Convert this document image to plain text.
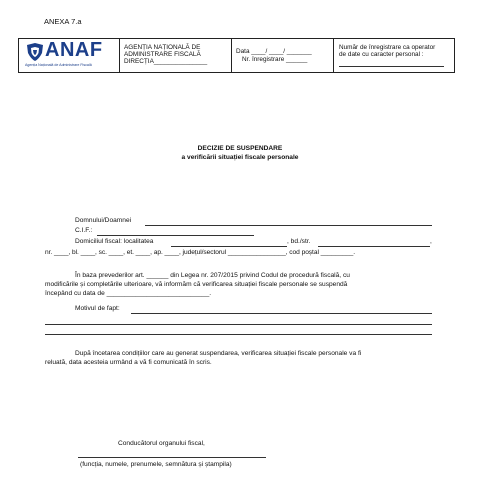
ANEXA 7.a
ANAF
Agenția Națională de Administrare Fiscală
AGENȚIA NAȚIONALĂ DE
ADMINISTRARE FISCALĂ
DIRECȚIA_______________
Data ____/ ____/ _______
Nr. înregistrare ______
Număr de înregistrare ca operator
de date cu caracter personal :
DECIZIE DE SUSPENDARE
a verificării situației fiscale personale
Domnului/Doamnei
C.I.F.:
Domiciliul fiscal: localitatea	, bd./str.	,
nr. ____, bl. ____, sc. ____, et. ____, ap. ____, județul/sectorul ________________, cod poștal _________.
În baza prevederilor art. ______ din Legea nr. 207/2015 privind Codul de procedură fiscală, cu
modificările și completările ulterioare, vă informăm că verificarea situației fiscale personale se suspendă
începând cu data de ____________________________.
Motivul de fapt:
După încetarea condițiilor care au generat suspendarea, verificarea situației fiscale personale va fi
reluată, data acesteia urmând a vă fi comunicată în scris.
Conducătorul organului fiscal,
(funcția, numele, prenumele, semnătura și ștampila)
